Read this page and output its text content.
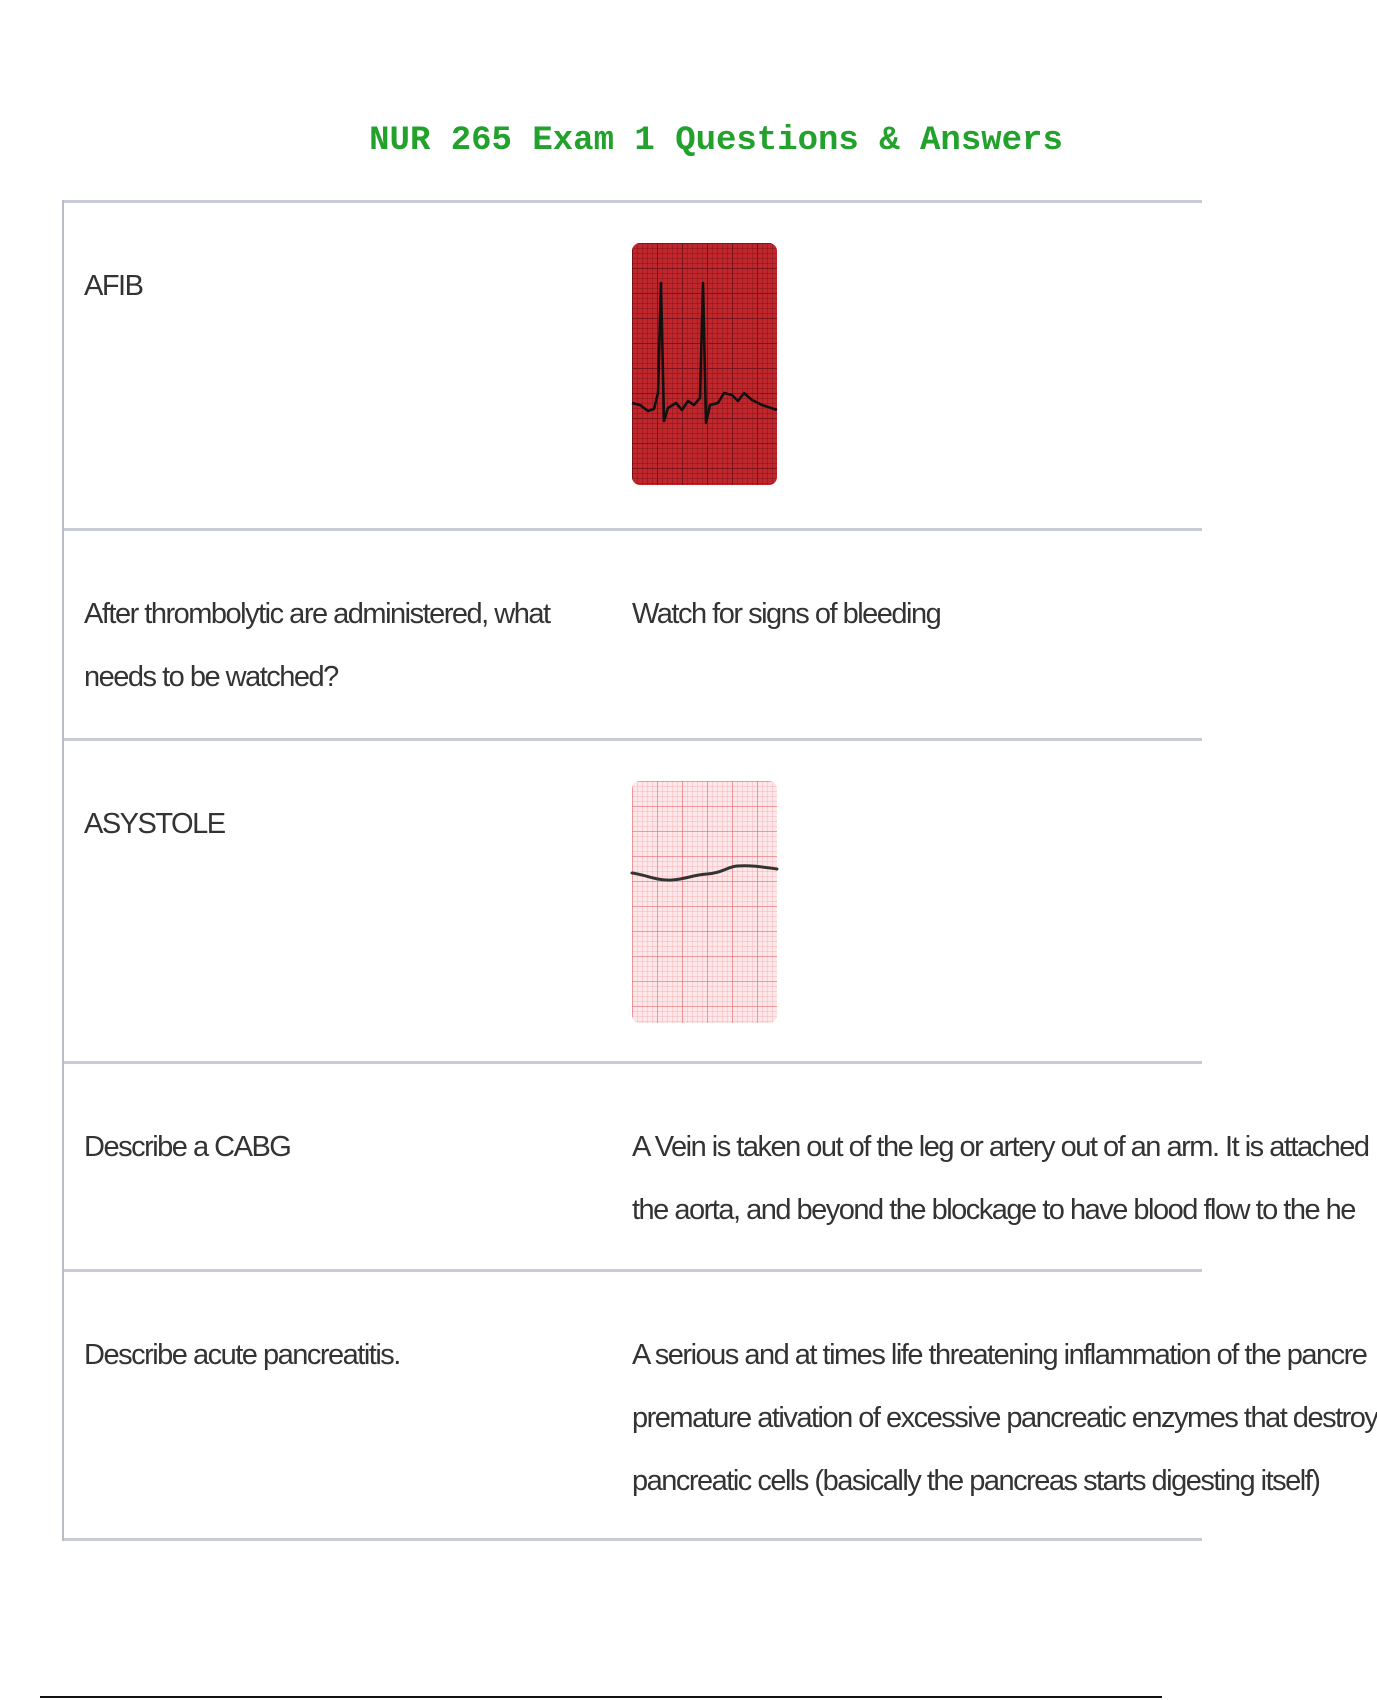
NUR 265 Exam 1 Questions & Answers
AFIB
After thrombolytic are administered, what needs to be watched?
Watch for signs of bleeding
ASYSTOLE
Describe a CABG	A Vein is taken out of the leg or artery out of an arm. It is attached
the aorta, and beyond the blockage to have blood flow to the he
Describe acute pancreatitis.	A serious and at times life threatening inflammation of the pancre
premature ativation of excessive pancreatic enzymes that destroy
pancreatic cells (basically the pancreas starts digesting itself)
